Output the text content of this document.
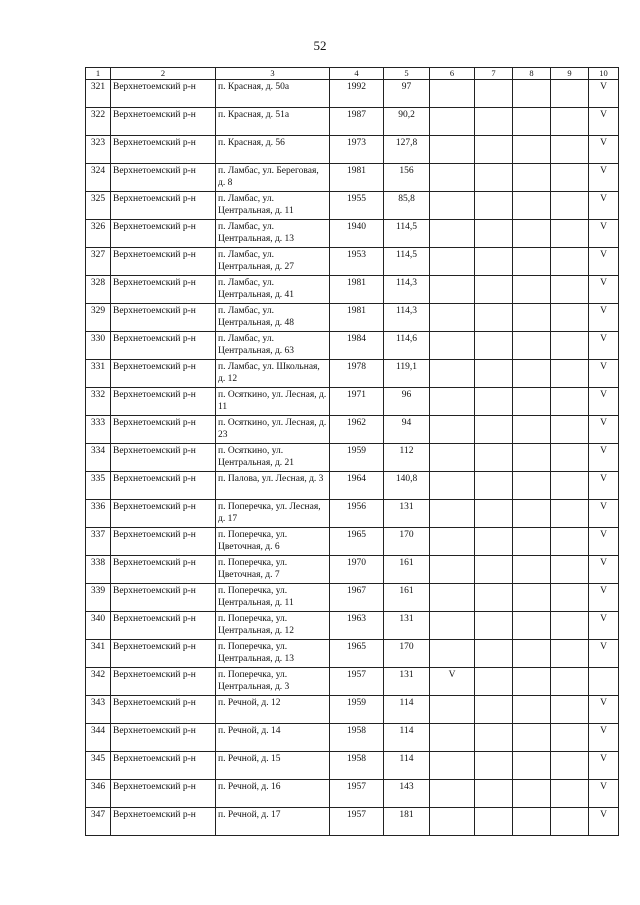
52
1	2	3	4	5	6	7	8	9	10
321	Верхнетоемский р-н	п. Красная, д. 50а	1992	97					V
322	Верхнетоемский р-н	п. Красная, д. 51а	1987	90,2					V
323	Верхнетоемский р-н	п. Красная, д. 56	1973	127,8					V
324	Верхнетоемский р-н	п. Ламбас, ул. Береговая, д. 8	1981	156					V
325	Верхнетоемский р-н	п. Ламбас, ул. Центральная, д. 11	1955	85,8					V
326	Верхнетоемский р-н	п. Ламбас, ул. Центральная, д. 13	1940	114,5					V
327	Верхнетоемский р-н	п. Ламбас, ул. Центральная, д. 27	1953	114,5					V
328	Верхнетоемский р-н	п. Ламбас, ул. Центральная, д. 41	1981	114,3					V
329	Верхнетоемский р-н	п. Ламбас, ул. Центральная, д. 48	1981	114,3					V
330	Верхнетоемский р-н	п. Ламбас, ул. Центральная, д. 63	1984	114,6					V
331	Верхнетоемский р-н	п. Ламбас, ул. Школьная, д. 12	1978	119,1					V
332	Верхнетоемский р-н	п. Осяткино, ул. Лесная, д. 11	1971	96					V
333	Верхнетоемский р-н	п. Осяткино, ул. Лесная, д. 23	1962	94					V
334	Верхнетоемский р-н	п. Осяткино, ул. Центральная, д. 21	1959	112					V
335	Верхнетоемский р-н	п. Палова, ул. Лесная, д. 3	1964	140,8					V
336	Верхнетоемский р-н	п. Поперечка, ул. Лесная, д. 17	1956	131					V
337	Верхнетоемский р-н	п. Поперечка, ул. Цветочная, д. 6	1965	170					V
338	Верхнетоемский р-н	п. Поперечка, ул. Цветочная, д. 7	1970	161					V
339	Верхнетоемский р-н	п. Поперечка, ул. Центральная, д. 11	1967	161					V
340	Верхнетоемский р-н	п. Поперечка, ул. Центральная, д. 12	1963	131					V
341	Верхнетоемский р-н	п. Поперечка, ул. Центральная, д. 13	1965	170					V
342	Верхнетоемский р-н	п. Поперечка, ул. Центральная, д. 3	1957	131	V				
343	Верхнетоемский р-н	п. Речной, д. 12	1959	114					V
344	Верхнетоемский р-н	п. Речной, д. 14	1958	114					V
345	Верхнетоемский р-н	п. Речной, д. 15	1958	114					V
346	Верхнетоемский р-н	п. Речной, д. 16	1957	143					V
347	Верхнетоемский р-н	п. Речной, д. 17	1957	181					V
